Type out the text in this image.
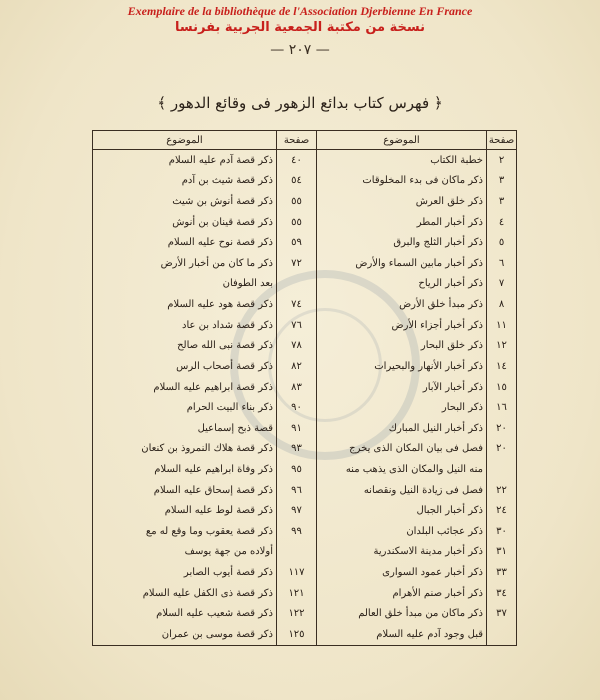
Exemplaire de la bibliothèque de l'Association Djerbienne En France
نسخة من مكتبة الجمعية الجربية بفرنسا
— ٢٠٧ —
﴿ فهرس كتاب بدائع الزهور فى وقائع الدهور ﴾
صفحة	الموضوع	صفحة	الموضوع
٢	خطبة الكتاب	٤٠	ذكر قصة آدم عليه السلام
٣	ذكر ماكان فى بدء المخلوقات	٥٤	ذكر قصة شيث بن آدم
٣	ذكر خلق العرش	٥٥	ذكر قصة أنوش بن شيث
٤	ذكر أخبار المطر	٥٥	ذكر قصة قينان بن أنوش
٥	ذكر أخبار الثلج والبرق	٥٩	ذكر قصة نوح عليه السلام
٦	ذكر أخبار مابين السماء والأرض	٧٢	ذكر ما كان من أخبار الأرض
٧	ذكر أخبار الرياح		بعد الطوفان
٨	ذكر مبدأ خلق الأرض	٧٤	ذكر قصة هود عليه السلام
١١	ذكر أخبار أجزاء الأرض	٧٦	ذكر قصة شداد بن عاد
١٢	ذكر خلق البحار	٧٨	ذكر قصة نبى الله صالح
١٤	ذكر أخبار الأنهار والبحيرات	٨٢	ذكر قصة أصحاب الرس
١٥	ذكر أخبار الآبار	٨٣	ذكر قصة ابراهيم عليه السلام
١٦	ذكر البحار	٩٠	ذكر بناء البيت الحرام
٢٠	ذكر أخبار النيل المبارك	٩١	قصة ذبح إسماعيل
٢٠	فصل فى بيان المكان الذى يخرج	٩٣	ذكر قصة هلاك النمروذ بن كنعان
	منه النيل والمكان الذى يذهب منه	٩٥	ذكر وفاة ابراهيم عليه السلام
٢٢	فصل فى زيادة النيل ونقصانه	٩٦	ذكر قصة إسحاق عليه السلام
٢٤	ذكر أخبار الجبال	٩٧	ذكر قصة لوط عليه السلام
٣٠	ذكر عجائب البلدان	٩٩	ذكر قصة يعقوب وما وقع له مع
٣١	ذكر أخبار مدينة الاسكندرية		أولاده من جهة يوسف
٣٣	ذكر أخبار عمود السوارى	١١٧	ذكر قصة أيوب الصابر
٣٤	ذكر أخبار صنم الأهرام	١٢١	ذكر قصة ذى الكفل عليه السلام
٣٧	ذكر ماكان من مبدأ خلق العالم	١٢٢	ذكر قصة شعيب عليه السلام
	قبل وجود آدم عليه السلام	١٢٥	ذكر قصة موسى بن عمران
